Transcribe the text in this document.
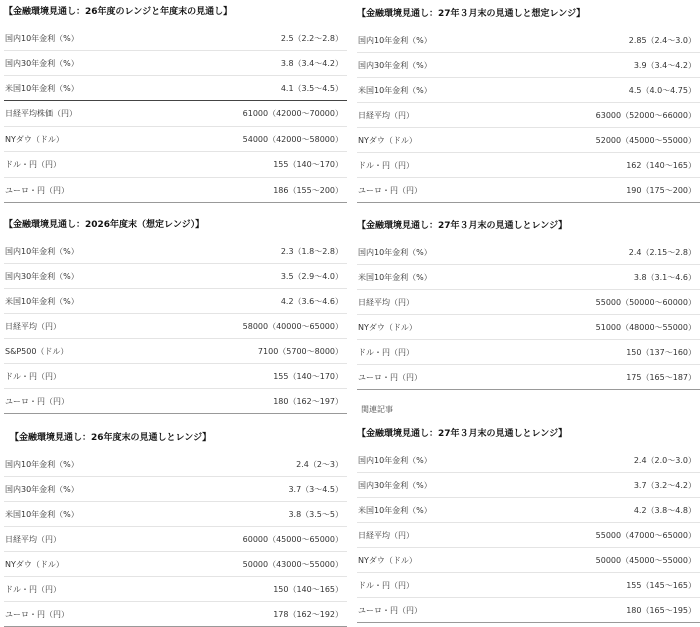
【金融環境見通し：26年度のレンジと年度末の見通し】
国内10年金利（%）	2.5（2.2～2.8）
国内30年金利（%）	3.8（3.4～4.2）
米国10年金利（%）	4.1（3.5～4.5）
日経平均株価（円）	61000（42000～70000）
NYダウ（ドル）	54000（42000～58000）
ドル・円（円）	155（140～170）
ユーロ・円（円）	186（155～200）
【金融環境見通し：27年３月末の見通しと想定レンジ】
国内10年金利（%）	2.85（2.4～3.0）
国内30年金利（%）	3.9（3.4～4.2）
米国10年金利（%）	4.5（4.0～4.75）
日経平均（円）	63000（52000～66000）
NYダウ（ドル）	52000（45000～55000）
ドル・円（円）	162（140～165）
ユーロ・円（円）	190（175～200）
【金融環境見通し：2026年度末（想定レンジ）】
国内10年金利（%）	2.3（1.8～2.8）
国内30年金利（%）	3.5（2.9～4.0）
米国10年金利（%）	4.2（3.6～4.6）
日経平均（円）	58000（40000～65000）
S&P500（ドル）	7100（5700～8000）
ドル・円（円）	155（140～170）
ユーロ・円（円）	180（162～197）
【金融環境見通し：27年３月末の見通しとレンジ】
国内10年金利（%）	2.4（2.15～2.8）
米国10年金利（%）	3.8（3.1～4.6）
日経平均（円）	55000（50000～60000）
NYダウ（ドル）	51000（48000～55000）
ドル・円（円）	150（137～160）
ユーロ・円（円）	175（165～187）
関連記事
【金融環境見通し：26年度末の見通しとレンジ】
国内10年金利（%）	2.4（2～3）
国内30年金利（%）	3.7（3～4.5）
米国10年金利（%）	3.8（3.5～5）
日経平均（円）	60000（45000～65000）
NYダウ（ドル）	50000（43000～55000）
ドル・円（円）	150（140～165）
ユーロ・円（円）	178（162～192）
【金融環境見通し：27年３月末の見通しとレンジ】
国内10年金利（%）	2.4（2.0～3.0）
国内30年金利（%）	3.7（3.2～4.2）
米国10年金利（%）	4.2（3.8～4.8）
日経平均（円）	55000（47000～65000）
NYダウ（ドル）	50000（45000～55000）
ドル・円（円）	155（145～165）
ユーロ・円（円）	180（165～195）
